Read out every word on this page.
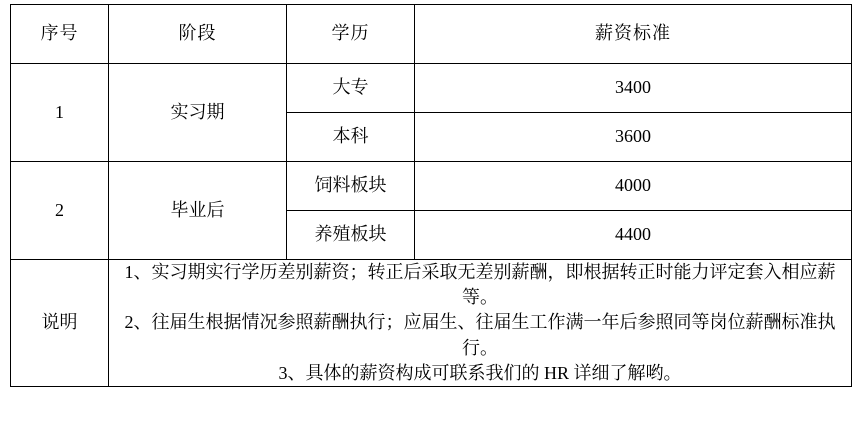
序号	阶段	学历	薪资标准
1	实习期	大专	3400
		本科	3600
2	毕业后	饲料板块	4000
		养殖板块	4400
说明	1、实习期实行学历差别薪资；转正后采取无差别薪酬，即根据转正时能力评定套入相应薪等。
2、往届生根据情况参照薪酬执行；应届生、往届生工作满一年后参照同等岗位薪酬标准执行。
3、具体的薪资构成可联系我们的 HR 详细了解哟。		
